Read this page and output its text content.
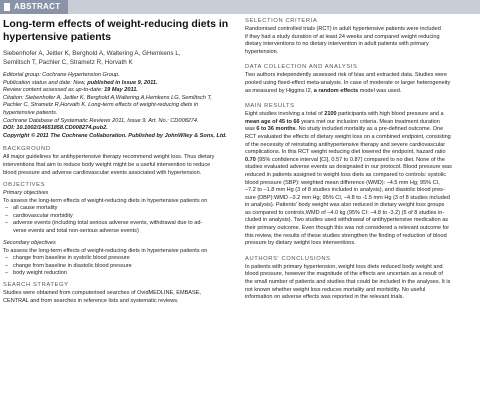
ABSTRACT
Long-term effects of weight-reducing diets in
hypertensive patients
Siebenhofer A, Jeitler K, Berghold A, Waltering A, GHemkens L,
Semlitsch T, Pachler C, Strametz R, Horvath K
Editorial group: Cochrane Hypertension Group.
Publication status and date: New, published in Issue 9, 2011.
Review content assessed as up-to-date: 19 May 2011.
Citation: Siebenhofer A, Jeitler K, Berghold A,Waltering A,Hemkens LG, Semlitsch T,
Pachler C, Strametz R,Horvath K. Long-term effects of weight-reducing diets in
hypertensive patients.
Cochrane Database of Systematic Reviews 2011, Issue 9. Art. No.: CD008274.
DOI: 10.1002/14651858.CD008274.pub2.
Copyright © 2011 The Cochrane Collaboration. Published by JohnWiley & Sons, Ltd.
BACKGROUND

All major guidelines for antihypertensive therapy recommend weight loss. Thus dietary
interventions that aim to reduce body weight might be a useful intervention to reduce
blood pressure and adverse cardiovascular events associated with hypertension.

OBJECTIVES
Primary objectives

To assess the long-term effects of weight-reducing diets in hypertensive patients on

– all cause mortality
– cardiovascular morbidity
– adverse events (including total serious adverse events, withdrawal due to ad-
verse events and total non-serious adverse events)
Secondary objectives

To assess the long-term effects of weight-reducing diets in hypertensive patients on

– change from baseline in systolic blood pressure
– change from baseline in diastolic blood pressure
– body weight reduction
SEARCH STRATEGY

Studies were obtained from computerised searches of OvidMEDLINE, EMBASE,
CENTRAL and from searches in reference lists and systematic reviews.

SELECTION CRITERIA

Randomised controlled trials (RCT) in adult hypertensive patients were included
if they had a study duration of at least 24 weeks and compared weight reducing
dietary interventions to no dietary intervention in adult patients with primary
hypertension.

DATA COLLECTION AND ANALYSIS

Two authors independently assessed risk of bias and extracted data. Studies were
pooled using fixed-effect meta-analysis. In case of moderate or larger heterogeneity
as measured by Higgins I2, a random effects model was used.

MAIN RESULTS

Eight studies involving a total of 2100 participants with high blood pressure and a
mean age of 45 to 66 years met our inclusion criteria. Mean treatment duration
was 6 to 36 months. No study included mortality as a pre-defined outcome. One
RCT evaluated the effects of dietary weight loss on a combined endpoint, consisting
of the necessity of reinstating antihypertensive therapy and severe cardiovascular
complications. In this RCT weight reducing diet lowered the endpoint, hazard ratio
0.70 (95% confidence interval [CI], 0.57 to 0.87) compared to no diet. None of the
studies evaluated adverse events as designated in our protocol. Blood pressure was
reduced in patients assigned to weight loss diets as compared to controls: systolic
blood pressure (SBP): weighted mean difference (WMD): –4.5 mm Hg; 95% CI,
–7.2 to –1.8 mm Hg (3 of 8 studies included in analysis), and diastolic blood pres-
sure (DBP):WMD –3.2 mm Hg; 95% CI, –4.8 to -1.5 mm Hg (3 of 8 studies included
in analysis). Patients' body weight was also reduced in dietary weight loss groups
as compared to controls,WMD of –4.0 kg (95% CI: –4.8 to -3.2) (5 of 8 studies in-
cluded in analysis). Two studies used withdrawal of antihypertensive medication as
their primary outcome. Even though this was not considered a relevant outcome for
this review, the results of these studies strengthen the finding of reduction of blood
pressure by dietary weight loss interventions.

AUTHORS' CONCLUSIONS

In patients with primary hypertension, weight loss diets reduced body weight and
blood pressure, however the magnitude of the effects are uncertain as a result of
the small number of patients and studies that could be included in the analyses. It is
not known whether weight loss reduces mortality and morbidity. No useful
information on adverse effects was reported in the relevant trials.
